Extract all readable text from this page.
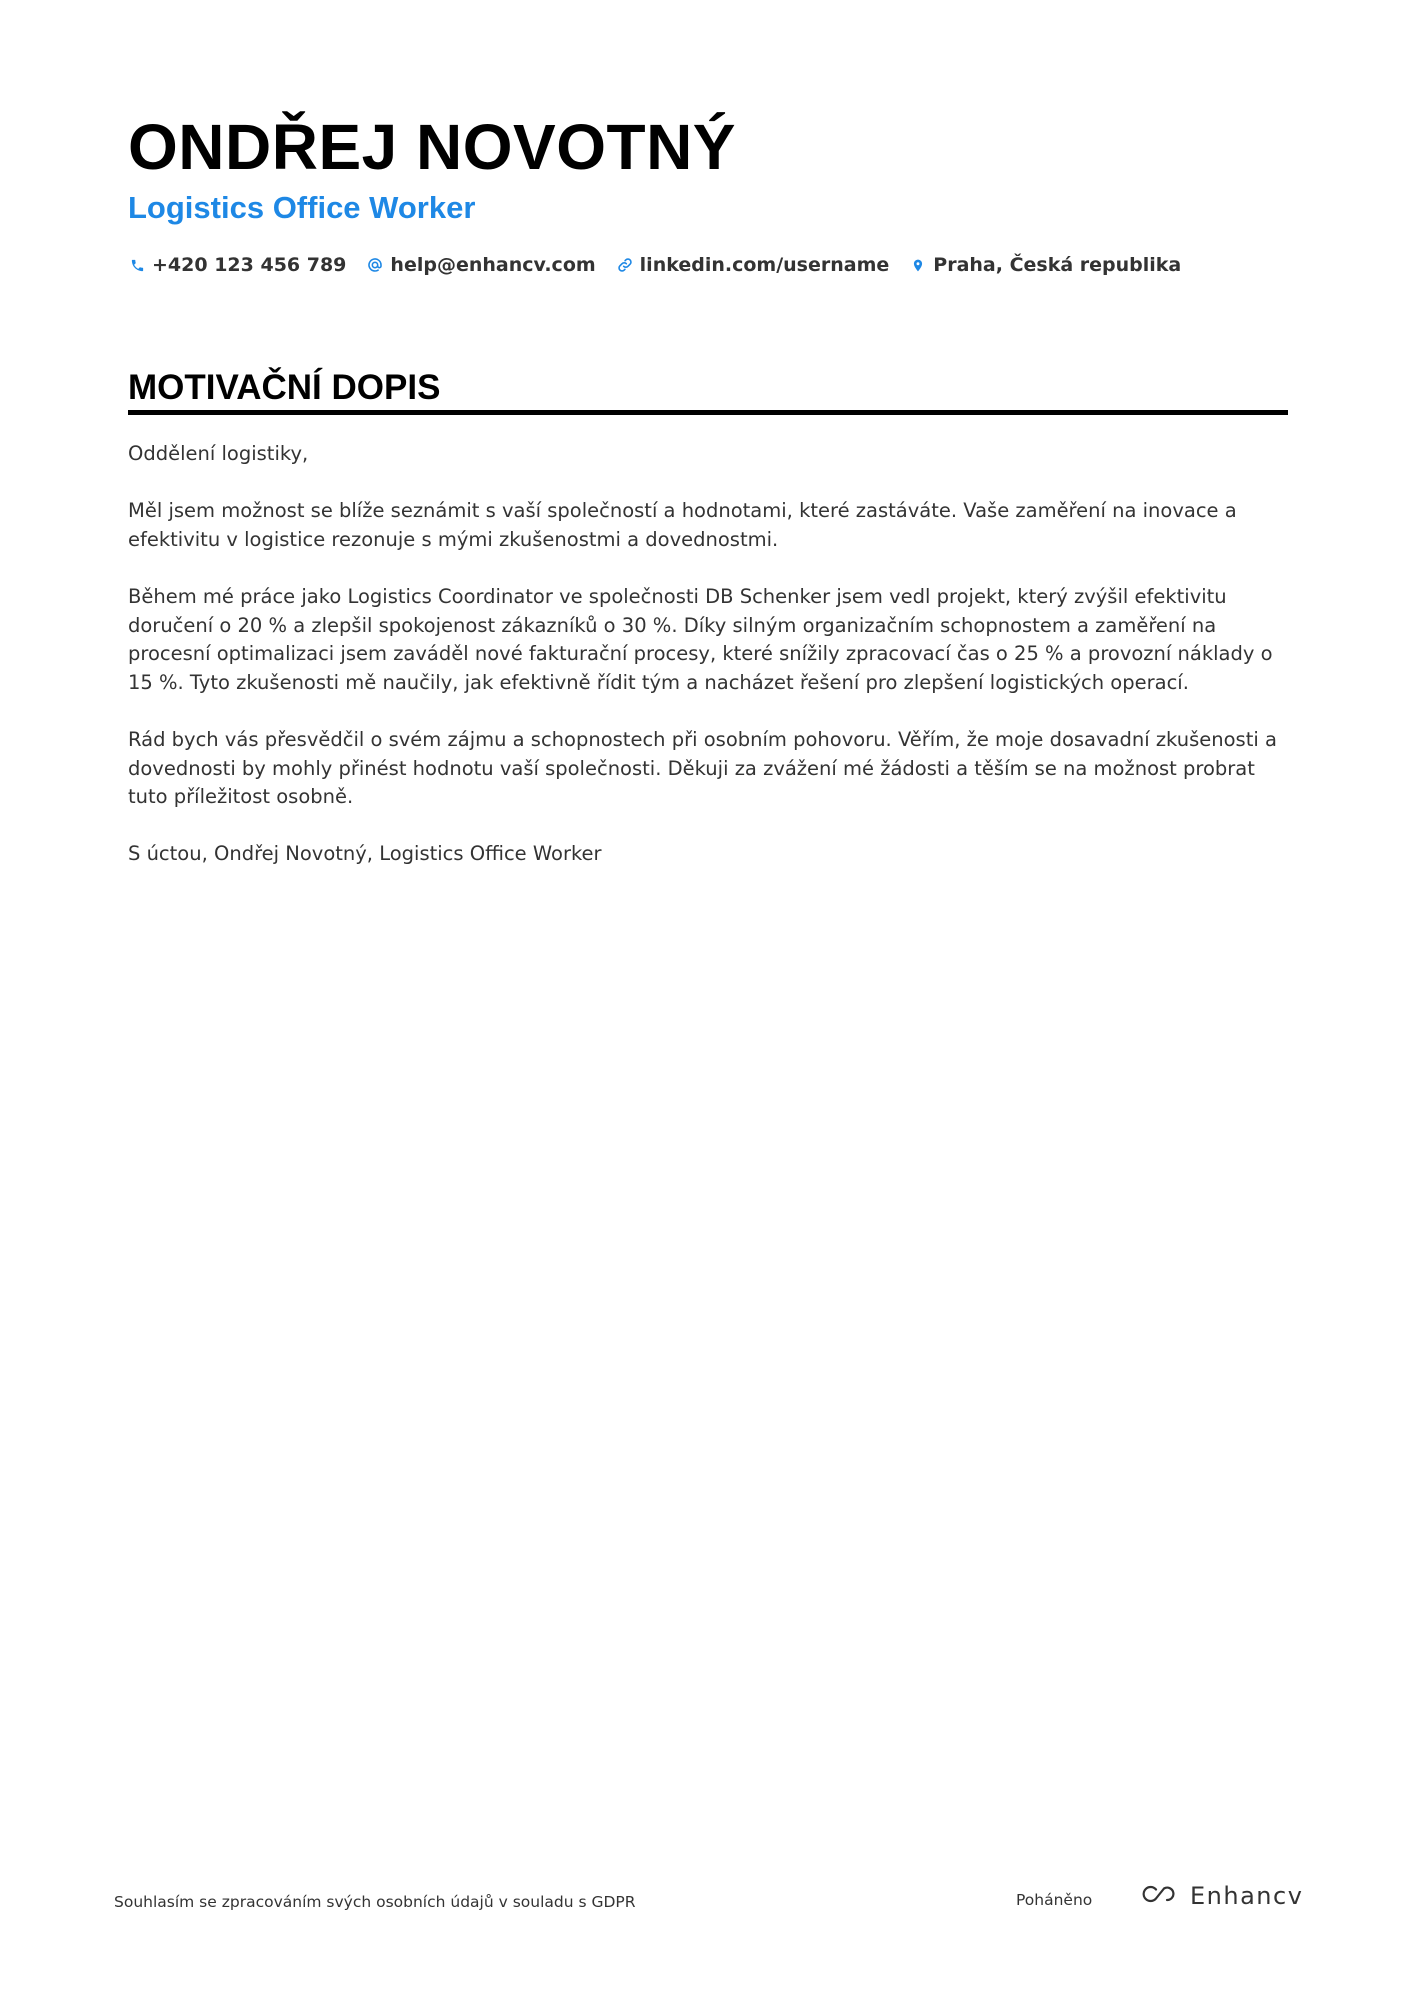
ONDŘEJ NOVOTNÝ
Logistics Office Worker
+420 123 456 789 help@enhancv.com linkedin.com/username Praha, Česká republika
MOTIVAČNÍ DOPIS

Oddělení logistiky,

Měl jsem možnost se blíže seznámit s vaší společností a hodnotami, které zastáváte. Vaše zaměření na inovace a efektivitu v logistice rezonuje s mými zkušenostmi a dovednostmi.

Během mé práce jako Logistics Coordinator ve společnosti DB Schenker jsem vedl projekt, který zvýšil efektivitu doručení o 20 % a zlepšil spokojenost zákazníků o 30 %. Díky silným organizačním schopnostem a zaměření na procesní optimalizaci jsem zaváděl nové fakturační procesy, které snížily zpracovací čas o 25 % a provozní náklady o 15 %. Tyto zkušenosti mě naučily, jak efektivně řídit tým a nacházet řešení pro zlepšení logistických operací.

Rád bych vás přesvědčil o svém zájmu a schopnostech při osobním pohovoru. Věřím, že moje dosavadní zkušenosti a dovednosti by mohly přinést hodnotu vaší společnosti. Děkuji za zvážení mé žádosti a těším se na možnost probrat tuto příležitost osobně.

S úctou, Ondřej Novotný, Logistics Office Worker

Souhlasím se zpracováním svých osobních údajů v souladu s GDPR	Poháněno	Enhancv
